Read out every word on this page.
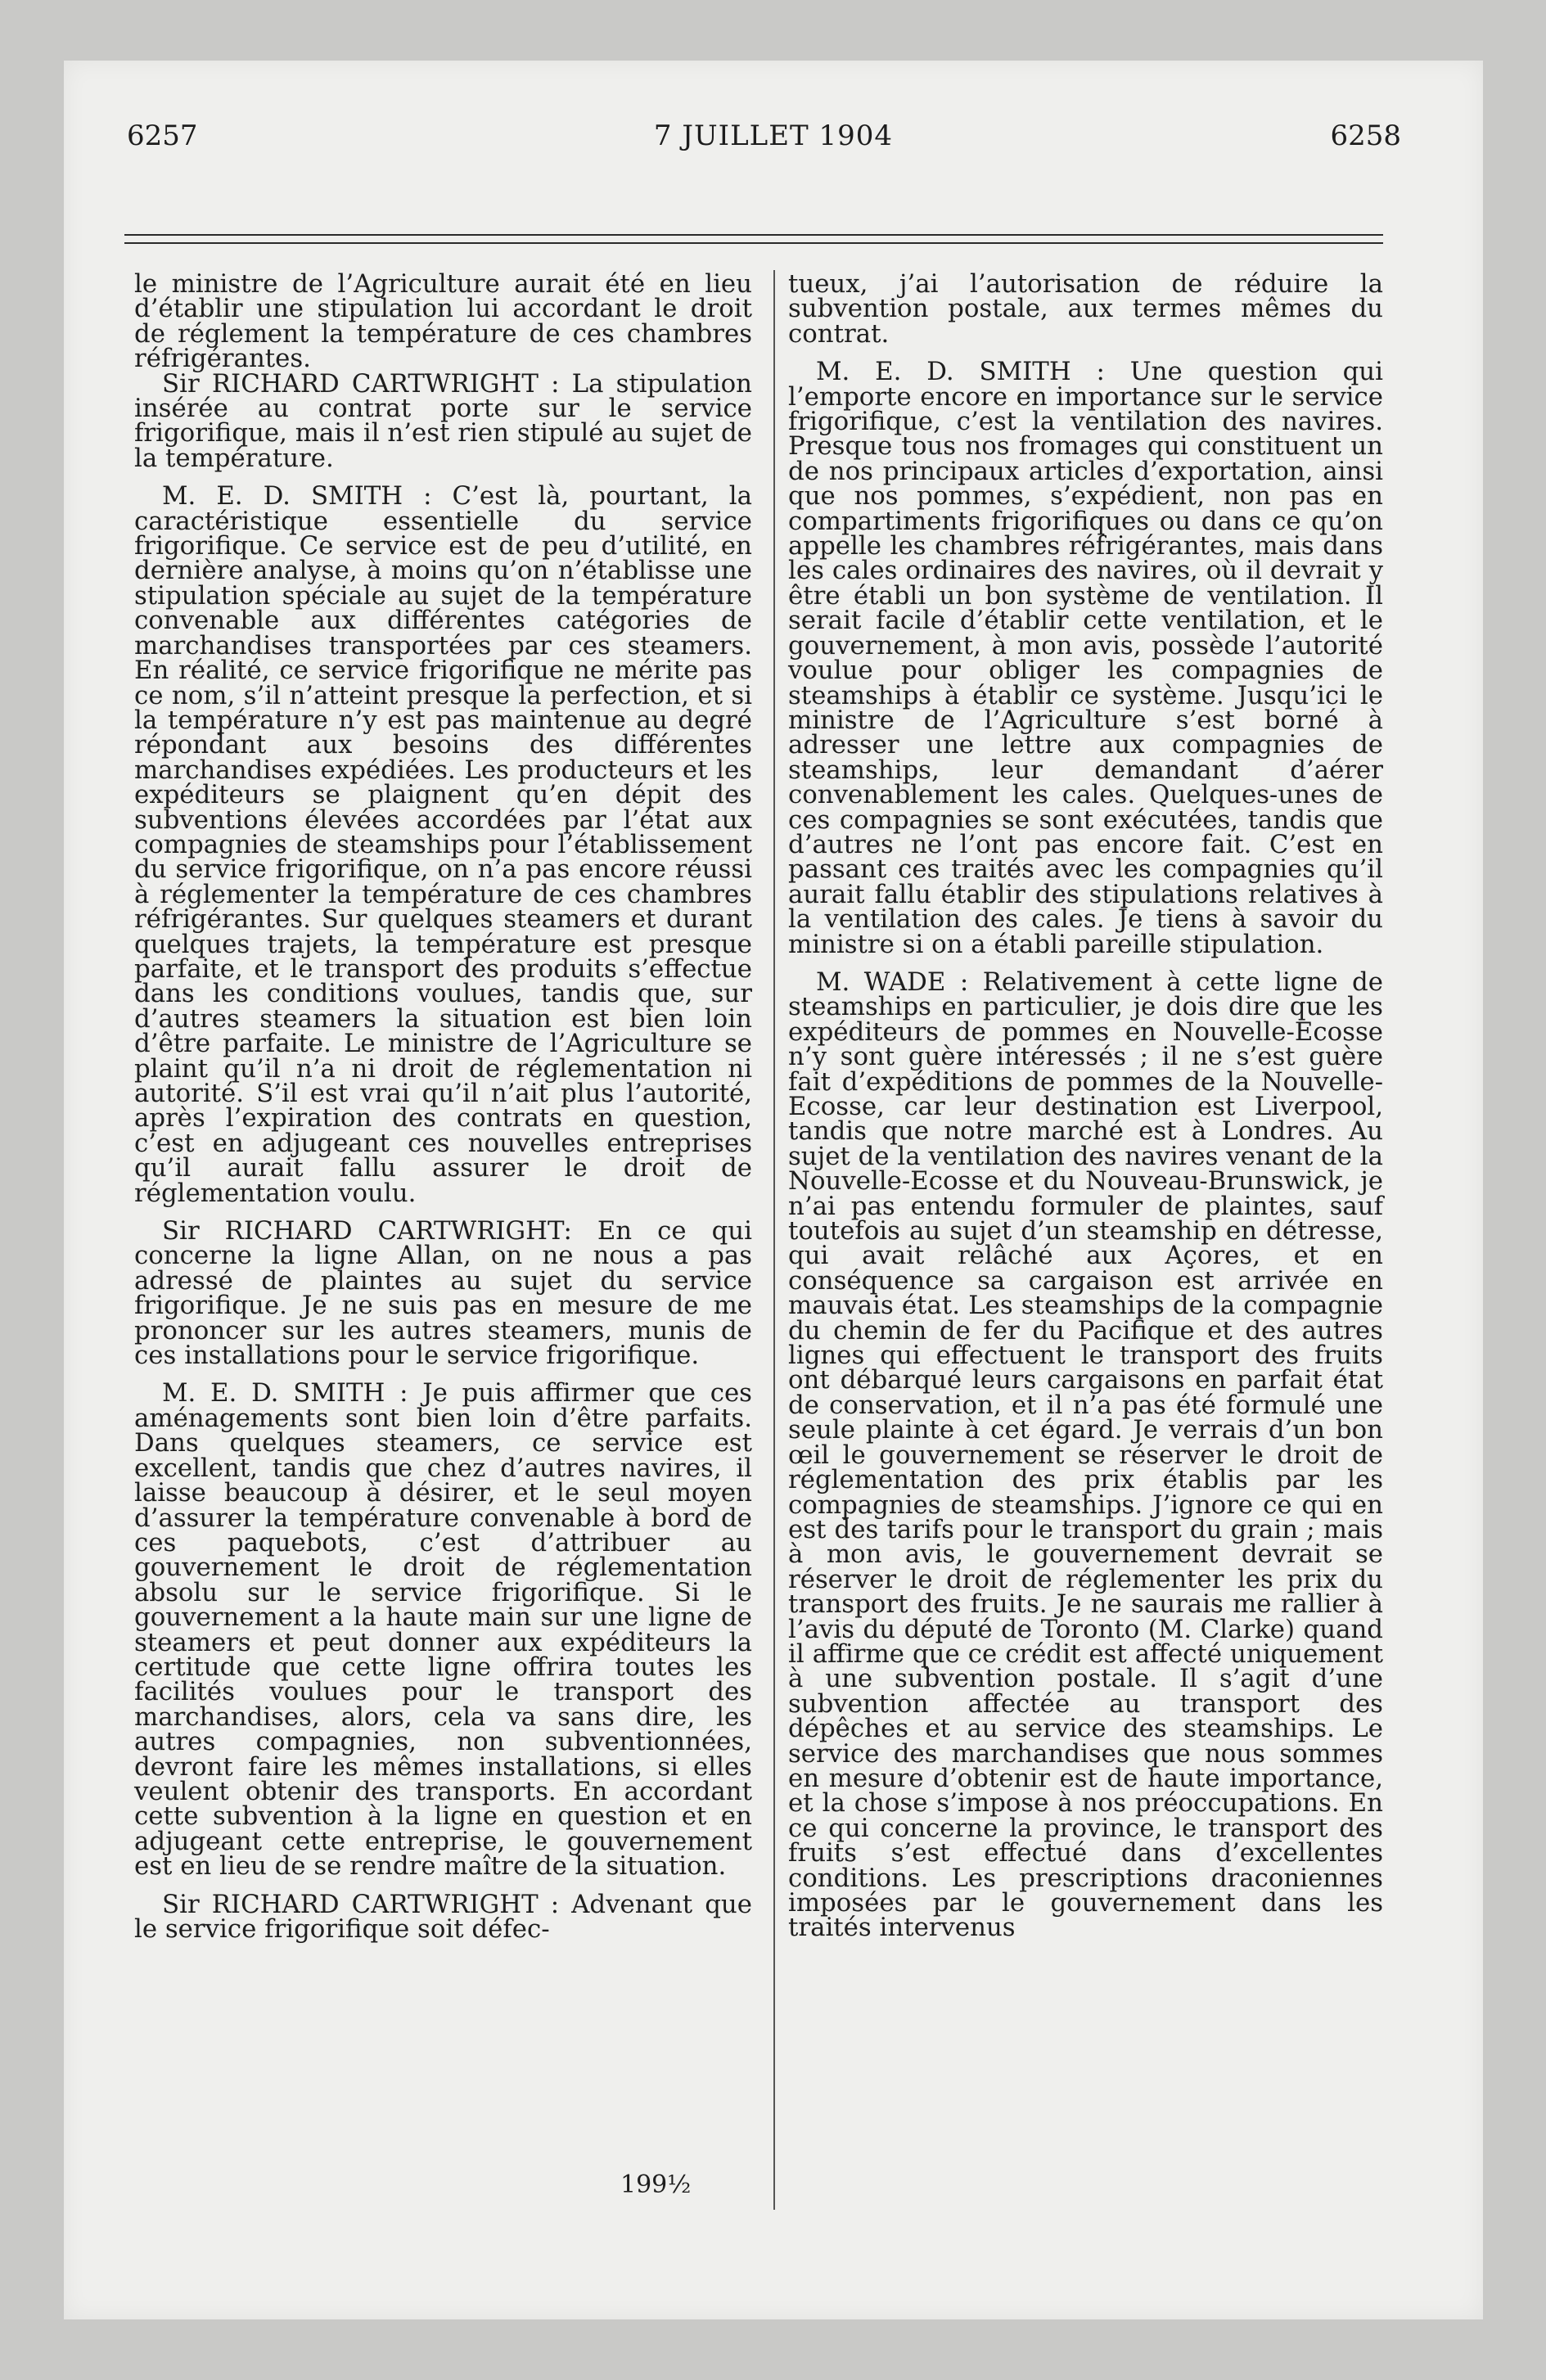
6257	7 JUILLET 1904	6258

le ministre de l’Agriculture aurait été en lieu d’établir une stipulation lui accordant le droit de réglement la température de ces chambres réfrigérantes.

Sir RICHARD CARTWRIGHT : La stipulation insérée au contrat porte sur le service frigorifique, mais il n’est rien stipulé au sujet de la température.

M. E. D. SMITH : C’est là, pourtant, la caractéristique essentielle du service frigorifique. Ce service est de peu d’utilité, en dernière analyse, à moins qu’on n’établisse une stipulation spéciale au sujet de la température convenable aux différentes catégories de marchandises transportées par ces steamers. En réalité, ce service frigorifique ne mérite pas ce nom, s’il n’atteint presque la perfection, et si la température n’y est pas maintenue au degré répondant aux besoins des différentes marchandises expédiées. Les producteurs et les expéditeurs se plaignent qu’en dépit des subventions élevées accordées par l’état aux compagnies de steamships pour l’établissement du service frigorifique, on n’a pas encore réussi à réglementer la température de ces chambres réfrigérantes. Sur quelques steamers et durant quelques trajets, la température est presque parfaite, et le transport des produits s’effectue dans les conditions voulues, tandis que, sur d’autres steamers la situation est bien loin d’être parfaite. Le ministre de l’Agriculture se plaint qu’il n’a ni droit de réglementation ni autorité. S’il est vrai qu’il n’ait plus l’autorité, après l’expiration des contrats en question, c’est en adjugeant ces nouvelles entreprises qu’il aurait fallu assurer le droit de réglementation voulu.

Sir RICHARD CARTWRIGHT: En ce qui concerne la ligne Allan, on ne nous a pas adressé de plaintes au sujet du service frigorifique. Je ne suis pas en mesure de me prononcer sur les autres steamers, munis de ces installations pour le service frigorifique.

M. E. D. SMITH : Je puis affirmer que ces aménagements sont bien loin d’être parfaits. Dans quelques steamers, ce service est excellent, tandis que chez d’autres navires, il laisse beaucoup à désirer, et le seul moyen d’assurer la température convenable à bord de ces paquebots, c’est d’attribuer au gouvernement le droit de réglementation absolu sur le service frigorifique. Si le gouvernement a la haute main sur une ligne de steamers et peut donner aux expéditeurs la certitude que cette ligne offrira toutes les facilités voulues pour le transport des marchandises, alors, cela va sans dire, les autres compagnies, non subventionnées, devront faire les mêmes installations, si elles veulent obtenir des transports. En accordant cette subvention à la ligne en question et en adjugeant cette entreprise, le gouvernement est en lieu de se rendre maître de la situation.

Sir RICHARD CARTWRIGHT : Advenant que le service frigorifique soit défec-

tueux, j’ai l’autorisation de réduire la subvention postale, aux termes mêmes du contrat.

M. E. D. SMITH : Une question qui l’emporte encore en importance sur le service frigorifique, c’est la ventilation des navires. Presque tous nos fromages qui constituent un de nos principaux articles d’exportation, ainsi que nos pommes, s’expédient, non pas en compartiments frigorifiques ou dans ce qu’on appelle les chambres réfrigérantes, mais dans les cales ordinaires des navires, où il devrait y être établi un bon système de ventilation. Il serait facile d’établir cette ventilation, et le gouvernement, à mon avis, possède l’autorité voulue pour obliger les compagnies de steamships à établir ce système. Jusqu’ici le ministre de l’Agriculture s’est borné à adresser une lettre aux compagnies de steamships, leur demandant d’aérer convenablement les cales. Quelques-unes de ces compagnies se sont exécutées, tandis que d’autres ne l’ont pas encore fait. C’est en passant ces traités avec les compagnies qu’il aurait fallu établir des stipulations relatives à la ventilation des cales. Je tiens à savoir du ministre si on a établi pareille stipulation.

M. WADE : Relativement à cette ligne de steamships en particulier, je dois dire que les expéditeurs de pommes en Nouvelle-Ecosse n’y sont guère intéressés ; il ne s’est guère fait d’expéditions de pommes de la Nouvelle-Ecosse, car leur destination est Liverpool, tandis que notre marché est à Londres. Au sujet de la ventilation des navires venant de la Nouvelle-Ecosse et du Nouveau-Brunswick, je n’ai pas entendu formuler de plaintes, sauf toutefois au sujet d’un steamship en détresse, qui avait relâché aux Açores, et en conséquence sa cargaison est arrivée en mauvais état. Les steamships de la compagnie du chemin de fer du Pacifique et des autres lignes qui effectuent le transport des fruits ont débarqué leurs cargaisons en parfait état de conservation, et il n’a pas été formulé une seule plainte à cet égard. Je verrais d’un bon œil le gouvernement se réserver le droit de réglementation des prix établis par les compagnies de steamships. J’ignore ce qui en est des tarifs pour le transport du grain ; mais à mon avis, le gouvernement devrait se réserver le droit de réglementer les prix du transport des fruits. Je ne saurais me rallier à l’avis du député de Toronto (M. Clarke) quand il affirme que ce crédit est affecté uniquement à une subvention postale. Il s’agit d’une subvention affectée au transport des dépêches et au service des steamships. Le service des marchandises que nous sommes en mesure d’obtenir est de haute importance, et la chose s’impose à nos préoccupations. En ce qui concerne la province, le transport des fruits s’est effectué dans d’excellentes conditions. Les prescriptions draconiennes imposées par le gouvernement dans les traités intervenus

199½
